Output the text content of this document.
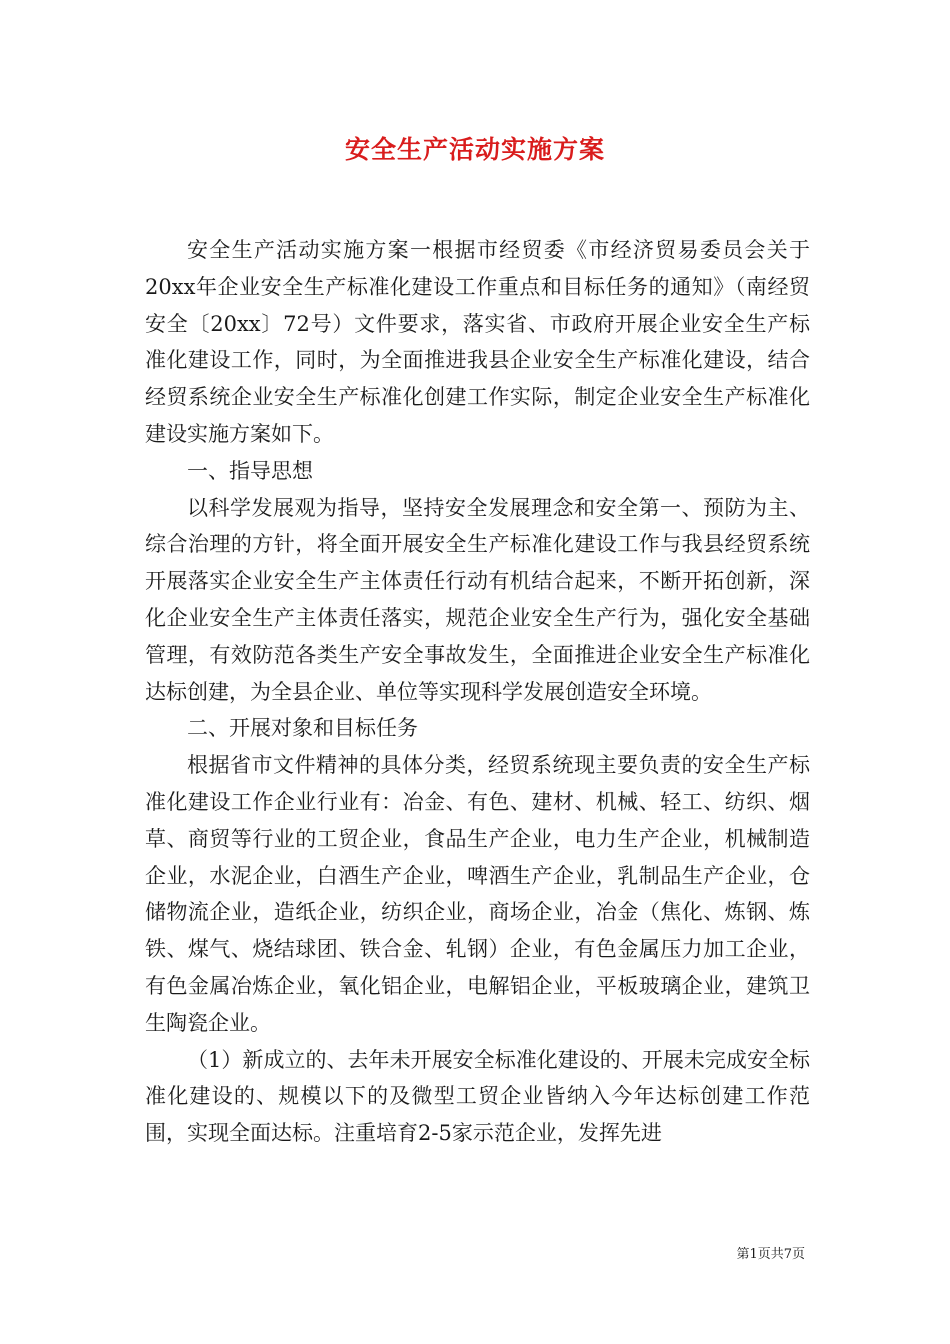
安全生产活动实施方案

安全生产活动实施方案一根据市经贸委《市经济贸易委员会关于20xx年企业安全生产标准化建设工作重点和目标任务的通知》（南经贸安全〔20xx〕72号）文件要求，落实省、市政府开展企业安全生产标准化建设工作，同时，为全面推进我县企业安全生产标准化建设，结合经贸系统企业安全生产标准化创建工作实际，制定企业安全生产标准化建设实施方案如下。

一、指导思想

以科学发展观为指导，坚持安全发展理念和安全第一、预防为主、综合治理的方针，将全面开展安全生产标准化建设工作与我县经贸系统开展落实企业安全生产主体责任行动有机结合起来，不断开拓创新，深化企业安全生产主体责任落实，规范企业安全生产行为，强化安全基础管理，有效防范各类生产安全事故发生，全面推进企业安全生产标准化达标创建，为全县企业、单位等实现科学发展创造安全环境。

二、开展对象和目标任务

根据省市文件精神的具体分类，经贸系统现主要负责的安全生产标准化建设工作企业行业有：冶金、有色、建材、机械、轻工、纺织、烟草、商贸等行业的工贸企业，食品生产企业，电力生产企业，机械制造企业，水泥企业，白酒生产企业，啤酒生产企业，乳制品生产企业，仓储物流企业，造纸企业，纺织企业，商场企业，冶金（焦化、炼钢、炼铁、煤气、烧结球团、铁合金、轧钢）企业，有色金属压力加工企业，有色金属冶炼企业，氧化铝企业，电解铝企业，平板玻璃企业，建筑卫生陶瓷企业。

（1）新成立的、去年未开展安全标准化建设的、开展未完成安全标准化建设的、规模以下的及微型工贸企业皆纳入今年达标创建工作范围，实现全面达标。注重培育2-5家示范企业，发挥先进

第1页共7页
